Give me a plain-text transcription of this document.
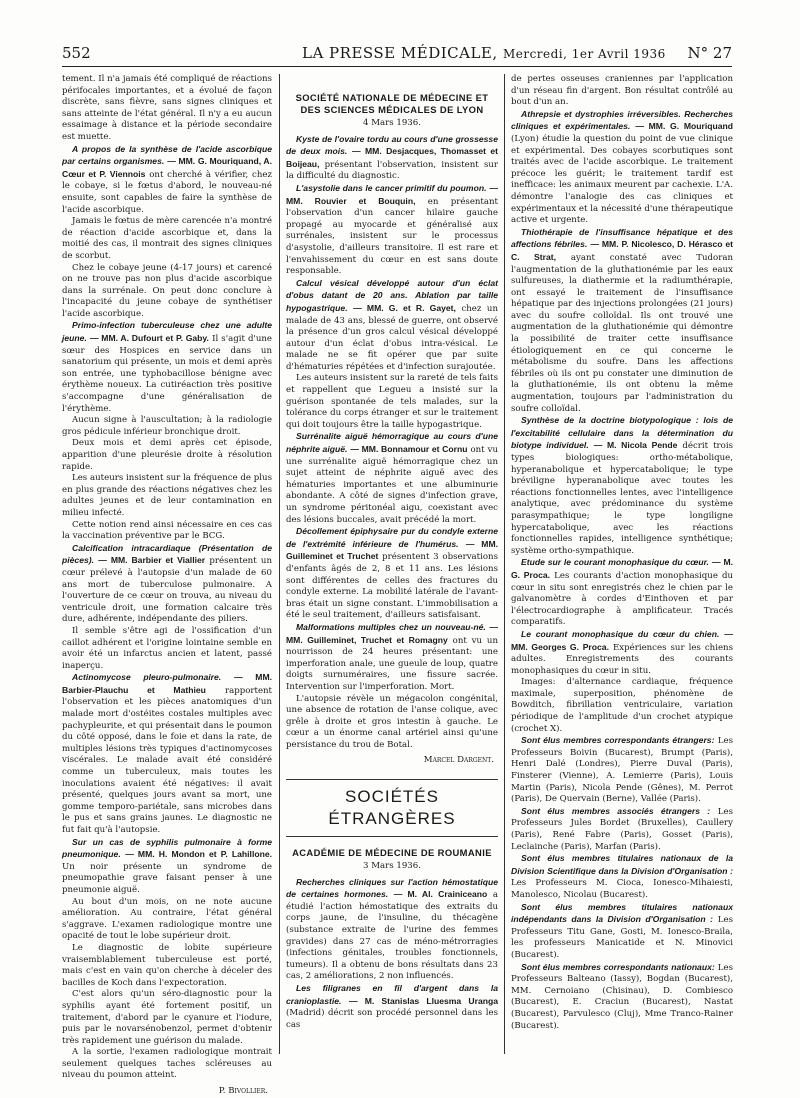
552	LA PRESSE MÉDICALE, Mercredi, 1er Avril 1936 N° 27

tement. Il n'a jamais été compliqué de réactions périfocales importantes, et a évolué de façon discrète, sans fièvre, sans signes cliniques et sans atteinte de l'état général. Il n'y a eu aucun essaimage à distance et la période secondaire est muette.

A propos de la synthèse de l'acide ascorbique par certains organismes. — MM. G. Mouriquand, A. Cœur et P. Viennois ont cherché à vérifier, chez le cobaye, si le fœtus d'abord, le nouveau-né ensuite, sont capables de faire la synthèse de l'acide ascorbique.

Jamais le fœtus de mère carencée n'a montré de réaction d'acide ascorbique et, dans la moitié des cas, il montrait des signes cliniques de scorbut.

Chez le cobaye jeune (4-17 jours) et carencé on ne trouve pas non plus d'acide ascorbique dans la surrénale. On peut donc conclure à l'incapacité du jeune cobaye de synthétiser l'acide ascorbique.

Primo-infection tuberculeuse chez une adulte jeune. — MM. A. Dufourt et P. Gaby. Il s'agit d'une sœur des Hospices en service dans un sanatorium qui présente, un mois et demi après son entrée, une typhobacillose bénigne avec érythème noueux. La cutiréaction très positive s'accompagne d'une généralisation de l'érythème.

Aucun signe à l'auscultation; à la radiologie gros pédicule inférieur bronchique droit.

Deux mois et demi après cet épisode, apparition d'une pleurésie droite à résolution rapide.

Les auteurs insistent sur la fréquence de plus en plus grande des réactions négatives chez les adultes jeunes et de leur contamination en milieu infecté.

Cette notion rend ainsi nécessaire en ces cas la vaccination préventive par le BCG.

Calcification intracardiaque (Présentation de pièces). — MM. Barbier et Viallier présentent un cœur prélevé à l'autopsie d'un malade de 60 ans mort de tuberculose pulmonaire. A l'ouverture de ce cœur on trouva, au niveau du ventricule droit, une formation calcaire très dure, adhérente, indépendante des piliers.

Il semble s'être agi de l'ossification d'un caillot adhérent et l'origine lointaine semble en avoir été un infarctus ancien et latent, passé inaperçu.

Actinomycose pleuro-pulmonaire. — MM. Barbier-Plauchu et Mathieu rapportent l'observation et les pièces anatomiques d'un malade mort d'ostéites costales multiples avec pachypleurite, et qui présentait dans le poumon du côté opposé, dans le foie et dans la rate, de multiples lésions très typiques d'actinomycoses viscérales. Le malade avait été considéré comme un tuberculeux, mais toutes les inoculations avaient été négatives: il avait présenté, quelques jours avant sa mort, une gomme temporo-pariétale, sans microbes dans le pus et sans grains jaunes. Le diagnostic ne fut fait qu'à l'autopsie.

Sur un cas de syphilis pulmonaire à forme pneumonique. — MM. H. Mondon et P. Lahillone. Un noir présente un syndrome de pneumopathie grave faisant penser à une pneumonie aiguë.

Au bout d'un mois, on ne note aucune amélioration. Au contraire, l'état général s'aggrave. L'examen radiologique montre une opacité de tout le lobe supérieur droit.

Le diagnostic de lobite supérieure vraisemblablement tuberculeuse est porté, mais c'est en vain qu'on cherche à déceler des bacilles de Koch dans l'expectoration.

C'est alors qu'un séro-diagnostic pour la syphilis ayant été fortement positif, un traitement, d'abord par le cyanure et l'iodure, puis par le novarsénobenzol, permet d'obtenir très rapidement une guérison du malade.

A la sortie, l'examen radiologique montrait seulement quelques taches scléreuses au niveau du poumon atteint.

P. Bivollier.
SOCIÉTÉ NATIONALE DE MÉDECINE ET DES SCIENCES MÉDICALES DE LYON
4 Mars 1936.

Kyste de l'ovaire tordu au cours d'une grossesse de deux mois. — MM. Desjacques, Thomasset et Boijeau, présentant l'observation, insistent sur la difficulté du diagnostic.

L'asystolie dans le cancer primitif du poumon. — MM. Rouvier et Bouquin, en présentant l'observation d'un cancer hilaire gauche propagé au myocarde et généralisé aux surrénales, insistent sur le processus d'asystolie, d'ailleurs transitoire. Il est rare et l'envahissement du cœur en est sans doute responsable.

Calcul vésical développé autour d'un éclat d'obus datant de 20 ans. Ablation par taille hypogastrique. — MM. G. et R. Gayet, chez un malade de 43 ans, blessé de guerre, ont observé la présence d'un gros calcul vésical développé autour d'un éclat d'obus intra-vésical. Le malade ne se fit opérer que par suite d'hématuries répétées et d'infection surajoutée.

Les auteurs insistent sur la rareté de tels faits et rappellent que Legueu a insisté sur la guérison spontanée de tels malades, sur la tolérance du corps étranger et sur le traitement qui doit toujours être la taille hypogastrique.

Surrénalite aiguë hémorragique au cours d'une néphrite aiguë. — MM. Bonnamour et Cornu ont vu une surrénalite aiguë hémorragique chez un sujet atteint de néphrite aiguë avec des hématuries importantes et une albuminurie abondante. A côté de signes d'infection grave, un syndrome péritonéal aigu, coexistant avec des lésions buccales, avait précédé la mort.

Décollement épiphysaire pur du condyle externe de l'extrémité inférieure de l'humérus. — MM. Guilleminet et Truchet présentent 3 observations d'enfants âgés de 2, 8 et 11 ans. Les lésions sont différentes de celles des fractures du condyle externe. La mobilité latérale de l'avant-bras était un signe constant. L'immobilisation a été le seul traitement, d'ailleurs satisfaisant.

Malformations multiples chez un nouveau-né. — MM. Guilleminet, Truchet et Romagny ont vu un nourrisson de 24 heures présentant: une imperforation anale, une gueule de loup, quatre doigts surnuméraires, une fissure sacrée. Intervention sur l'imperforation. Mort.

L'autopsie révèle un mégacolon congénital, une absence de rotation de l'anse colique, avec grêle à droite et gros intestin à gauche. Le cœur a un énorme canal artériel ainsi qu'une persistance du trou de Botal.

Marcel Dargent.
SOCIÉTÉS ÉTRANGÈRES
ACADÉMIE DE MÉDECINE DE ROUMANIE
3 Mars 1936.

Recherches cliniques sur l'action hémostatique de certaines hormones. — M. Al. Crainiceano a étudié l'action hémostatique des extraits du corps jaune, de l'insuline, du thécagène (substance extraite de l'urine des femmes gravides) dans 27 cas de méno-métrorragies (infections génitales, troubles fonctionnels, tumeurs). Il a obtenu de bons résultats dans 23 cas, 2 améliorations, 2 non influencés.

Les filigranes en fil d'argent dans la cranioplastie. — M. Stanislas Lluesma Uranga (Madrid) décrit son procédé personnel dans les cas

de pertes osseuses craniennes par l'application d'un réseau fin d'argent. Bon résultat contrôlé au bout d'un an.

Athrepsie et dystrophies irréversibles. Recherches cliniques et expérimentales. — MM. G. Mouriquand (Lyon) étudie la question du point de vue clinique et expérimental. Des cobayes scorbutiques sont traités avec de l'acide ascorbique. Le traitement précoce les guérit; le traitement tardif est inefficace: les animaux meurent par cachexie. L'A. démontre l'analogie des cas cliniques et expérimentaux et la nécessité d'une thérapeutique active et urgente.

Thiothérapie de l'insuffisance hépatique et des affections fébriles. — MM. P. Nicolesco, D. Hérasco et C. Strat, ayant constaté avec Tudoran l'augmentation de la gluthationémie par les eaux sulfureuses, la diathermie et la radiumthérapie, ont essayé le traitement de l'insuffisance hépatique par des injections prolongées (21 jours) avec du soufre colloïdal. Ils ont trouvé une augmentation de la gluthationémie qui démontre la possibilité de traiter cette insuffisance étiologiquement en ce qui concerne le métabolisme du soufre. Dans les affections fébriles où ils ont pu constater une diminution de la gluthationémie, ils ont obtenu la même augmentation, toujours par l'administration du soufre colloïdal.

Synthèse de la doctrine biotypologique : lois de l'excitabilité cellulaire dans la détermination du biotype individuel. — M. Nicola Pende décrit trois types biologiques: ortho-métabolique, hyperanabolique et hypercatabolique; le type bréviligne hyperanabolique avec toutes les réactions fonctionnelles lentes, avec l'intelligence analytique, avec prédominance du système parasympathique; le type longiligne hypercatabolique, avec les réactions fonctionnelles rapides, intelligence synthétique; système ortho-sympathique.

Etude sur le courant monophasique du cœur. — M. G. Proca. Les courants d'action monophasique du cœur in situ sont enregistrés chez le chien par le galvanomètre à cordes d'Einthoven et par l'électrocardiographe à amplificateur. Tracés comparatifs.

Le courant monophasique du cœur du chien. — MM. Georges G. Proca. Expériences sur les chiens adultes. Enregistrements des courants monophasiques du cœur in situ.

Images: d'alternance cardiaque, fréquence maximale, superposition, phénomène de Bowditch, fibrillation ventriculaire, variation périodique de l'amplitude d'un crochet atypique (crochet X).

Sont élus membres correspondants étrangers: Les Professeurs Boivin (Bucarest), Brumpt (Paris), Henri Dalé (Londres), Pierre Duval (Paris), Finsterer (Vienne), A. Lemierre (Paris), Louis Martin (Paris), Nicola Pende (Gênes), M. Perrot (Paris), De Quervain (Berne), Vallée (Paris).

Sont élus membres associés étrangers : Les Professeurs Jules Bordet (Bruxelles), Caullery (Paris), René Fabre (Paris), Gosset (Paris), Leclainche (Paris), Marfan (Paris).

Sont élus membres titulaires nationaux de la Division Scientifique dans la Division d'Organisation : Les Professeurs M. Cioca, Ionesco-Mihaiesti, Manolesco, Nicolau (Bucarest).

Sont élus membres titulaires nationaux indépendants dans la Division d'Organisation : Les Professeurs Titu Gane, Gosti, M. Ionesco-Braila, les professeurs Manicatide et N. Minovici (Bucarest).

Sont élus membres correspondants nationaux: Les Professeurs Balteano (Iassy), Bogdan (Bucarest), MM. Cernoiano (Chisinau), D. Combiesco (Bucarest), E. Craciun (Bucarest), Nastat (Bucarest), Parvulesco (Cluj), Mme Tranco-Rainer (Bucarest).
